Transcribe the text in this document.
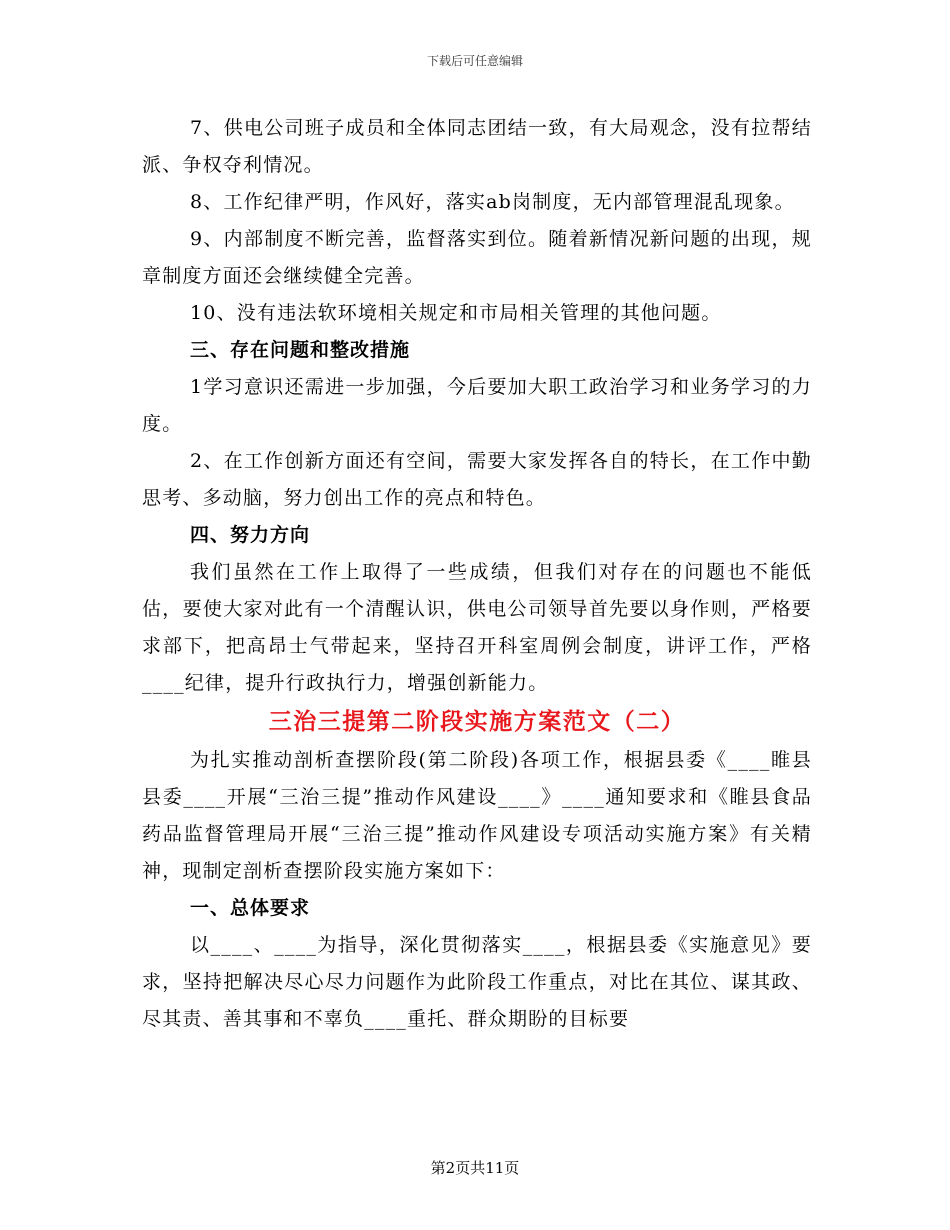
下载后可任意编辑

7、供电公司班子成员和全体同志团结一致，有大局观念，没有拉帮结派、争权夺利情况。

8、工作纪律严明，作风好，落实ab岗制度，无内部管理混乱现象。

9、内部制度不断完善，监督落实到位。随着新情况新问题的出现，规章制度方面还会继续健全完善。

10、没有违法软环境相关规定和市局相关管理的其他问题。

三、存在问题和整改措施

1学习意识还需进一步加强，今后要加大职工政治学习和业务学习的力度。

2、在工作创新方面还有空间，需要大家发挥各自的特长，在工作中勤思考、多动脑，努力创出工作的亮点和特色。

四、努力方向

我们虽然在工作上取得了一些成绩，但我们对存在的问题也不能低估，要使大家对此有一个清醒认识，供电公司领导首先要以身作则，严格要求部下，把高昂士气带起来，坚持召开科室周例会制度，讲评工作，严格____纪律，提升行政执行力，增强创新能力。

三治三提第二阶段实施方案范文（二）

为扎实推动剖析查摆阶段(第二阶段)各项工作，根据县委《____睢县县委____开展“三治三提”推动作风建设____》____通知要求和《睢县食品药品监督管理局开展“三治三提”推动作风建设专项活动实施方案》有关精神，现制定剖析查摆阶段实施方案如下：

一、总体要求

以____、____为指导，深化贯彻落实____，根据县委《实施意见》要求，坚持把解决尽心尽力问题作为此阶段工作重点，对比在其位、谋其政、尽其责、善其事和不辜负____重托、群众期盼的目标要

第2页共11页
